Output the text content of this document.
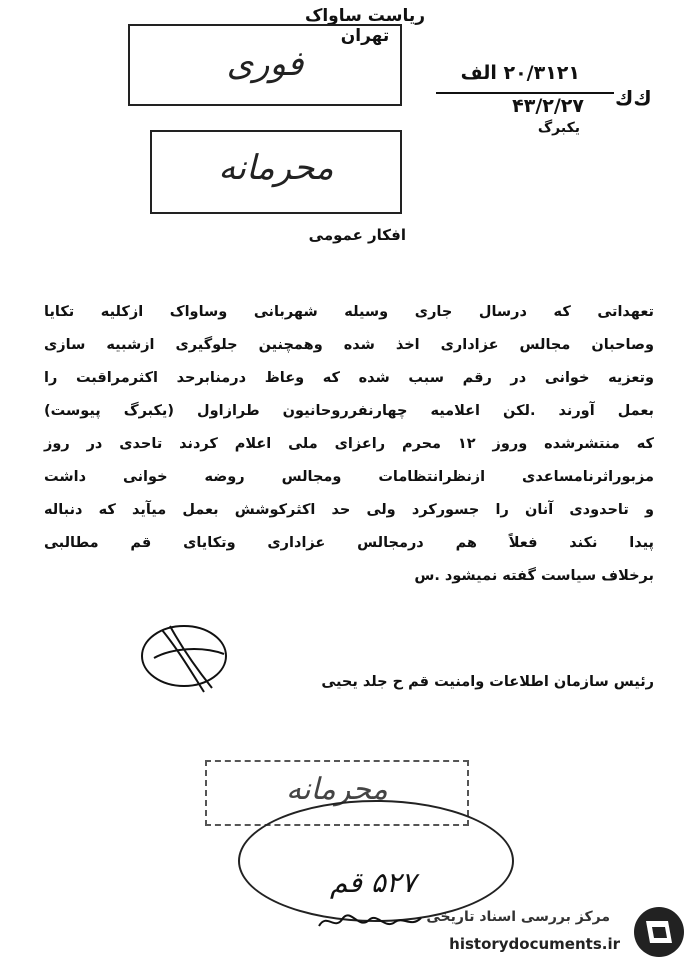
ریاست ساواک تهران
۲۰/۳۱۲۱ الف
۴۳/۲/۲۷ ﻙﻙ
یکبرگ
فوری
محرمانه
افکار عمومی
تعهداتی که درسال جاری وسیله شهربانی وساواک ازکلیه تکایا
وصاحبان مجالس عزاداری اخذ شده وهمچنین جلوگیری ازشبیه سازی
وتعزیه خوانی در رقم سبب شده که وعاظ درمنابرحد اکثرمراقبت را
بعمل آورند .لکن اعلامیه چهارنفرروحانیون طرازاول (یکبرگ پیوست)
که منتشرشده وروز ۱۲ محرم راعزای ملی اعلام کردند تاحدی در روز
مزبوراثرنامساعدی ازنظرانتظامات ومجالس روضه خوانی داشت
و تاحدودی آنان را جسورکرد ولی حد اکثرکوشش بعمل میآید که دنباله
پیدا نکند فعلاً هم درمجالس عزاداری وتکایای قم مطالبی
برخلاف سیاست گفته نمیشود .س
رئیس سازمان اطلاعات وامنیت قم ح جلد یحیی
محرمانه
۵۲۷ قم
مرکز بررسی اسناد تاریخی
historydocuments.ir
